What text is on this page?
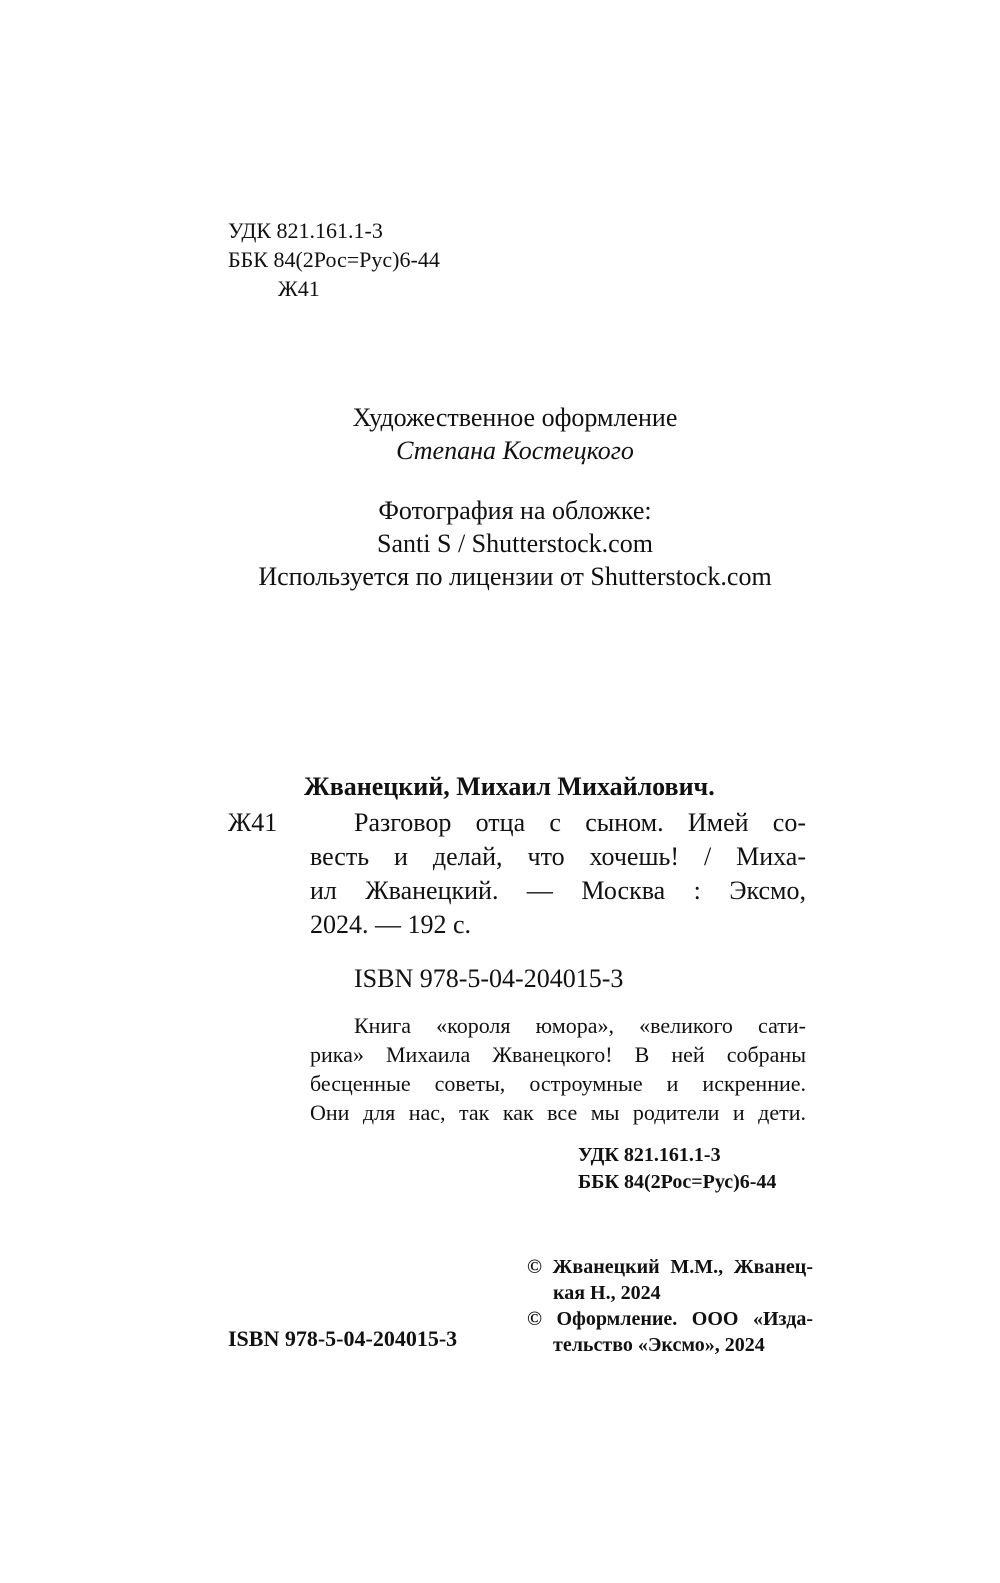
УДК 821.161.1-3
ББК 84(2Рос=Рус)6-44
Ж41
Художественное оформление
Степана Костецкого
Фотография на обложке:
Santi S / Shutterstock.com
Используется по лицензии от Shutterstock.com
Жванецкий, Михаил Михайлович.
Ж41	Разговор отца с сыном. Имей со-
весть и делай, что хочешь! / Миха-
ил Жванецкий. — Москва : Эксмо,
2024. — 192 с.
ISBN 978-5-04-204015-3
Книга «короля юмора», «великого сати-
рика» Михаила Жванецкого! В ней собраны
бесценные советы, остроумные и искренние.
Они для нас, так как все мы родители и дети.
УДК 821.161.1-3
ББК 84(2Рос=Рус)6-44
© Жванецкий М.М., Жванец-
кая Н., 2024
© Оформление. ООО «Изда-
тельство «Эксмо», 2024
ISBN 978-5-04-204015-3
